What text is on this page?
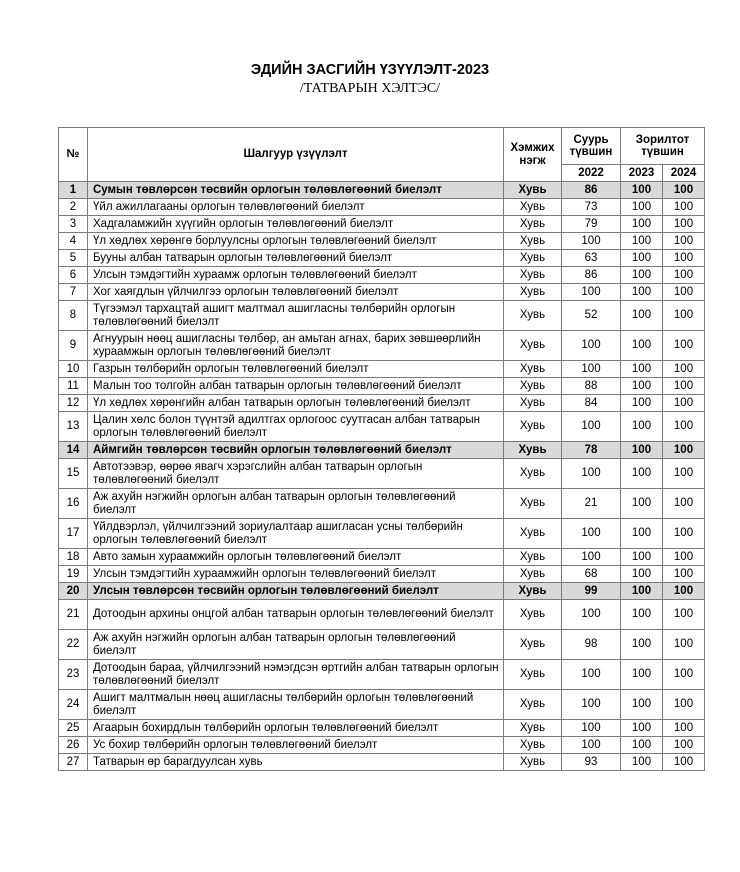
ЭДИЙН ЗАСГИЙН ҮЗҮҮЛЭЛТ-2023
/ТАТВАРЫН ХЭЛТЭС/
№	Шалгуур үзүүлэлт	Хэмжих нэгж	Суурь түвшин	Зорилтот түвшин	
			2022	2023	2024
1	Сумын төвлөрсөн төсвийн орлогын төлөвлөгөөний биелэлт	Хувь	86	100	100
2	Үйл ажиллагааны орлогын төлөвлөгөөний биелэлт	Хувь	73	100	100
3	Хадгаламжийн хүүгийн орлогын төлөвлөгөөний биелэлт	Хувь	79	100	100
4	Үл хөдлөх хөрөнгө борлуулсны орлогын төлөвлөгөөний биелэлт	Хувь	100	100	100
5	Бууны албан татварын орлогын төлөвлөгөөний биелэлт	Хувь	63	100	100
6	Улсын тэмдэгтийн хураамж орлогын төлөвлөгөөний биелэлт	Хувь	86	100	100
7	Хог хаягдлын үйлчилгээ орлогын төлөвлөгөөний биелэлт	Хувь	100	100	100
8	Түгээмэл тархацтай ашигт малтмал ашигласны төлбөрийн орлогын төлөвлөгөөний биелэлт	Хувь	52	100	100
9	Агнуурын нөөц ашигласны төлбөр, ан амьтан агнах, барих зөвшөөрлийн хураамжын орлогын төлөвлөгөөний биелэлт	Хувь	100	100	100
10	Газрын төлбөрийн орлогын төлөвлөгөөний биелэлт	Хувь	100	100	100
11	Малын тоо толгойн албан татварын орлогын төлөвлөгөөний биелэлт	Хувь	88	100	100
12	Үл хөдлөх хөрөнгийн албан татварын орлогын төлөвлөгөөний биелэлт	Хувь	84	100	100
13	Цалин хөлс болон түүнтэй адилтгах орлогоос суутгасан албан татварын орлогын төлөвлөгөөний биелэлт	Хувь	100	100	100
14	Аймгийн төвлөрсөн төсвийн орлогын төлөвлөгөөний биелэлт	Хувь	78	100	100
15	Автотээвэр, өөрөө явагч хэрэгслийн албан татварын орлогын төлөвлөгөөний биелэлт	Хувь	100	100	100
16	Аж ахуйн нэгжийн орлогын албан татварын орлогын төлөвлөгөөний биелэлт	Хувь	21	100	100
17	Үйлдвэрлэл, үйлчилгээний зориулалтаар ашигласан усны төлбөрийн орлогын төлөвлөгөөний биелэлт	Хувь	100	100	100
18	Авто замын хураамжийн орлогын төлөвлөгөөний биелэлт	Хувь	100	100	100
19	Улсын тэмдэгтийн хураамжийн орлогын төлөвлөгөөний биелэлт	Хувь	68	100	100
20	Улсын төвлөрсөн төсвийн орлогын төлөвлөгөөний биелэлт	Хувь	99	100	100
21	Дотоодын архины онцгой албан татварын орлогын төлөвлөгөөний биелэлт	Хувь	100	100	100
22	Аж ахуйн нэгжийн орлогын албан татварын орлогын төлөвлөгөөний биелэлт	Хувь	98	100	100
23	Дотоодын бараа, үйлчилгээний нэмэгдсэн өртгийн албан татварын орлогын төлөвлөгөөний биелэлт	Хувь	100	100	100
24	Ашигт малтмалын нөөц ашигласны төлбөрийн орлогын төлөвлөгөөний биелэлт	Хувь	100	100	100
25	Агаарын бохирдлын төлбөрийн орлогын төлөвлөгөөний биелэлт	Хувь	100	100	100
26	Ус бохир төлбөрийн орлогын төлөвлөгөөний биелэлт	Хувь	100	100	100
27	Татварын өр барагдуулсан хувь	Хувь	93	100	100
